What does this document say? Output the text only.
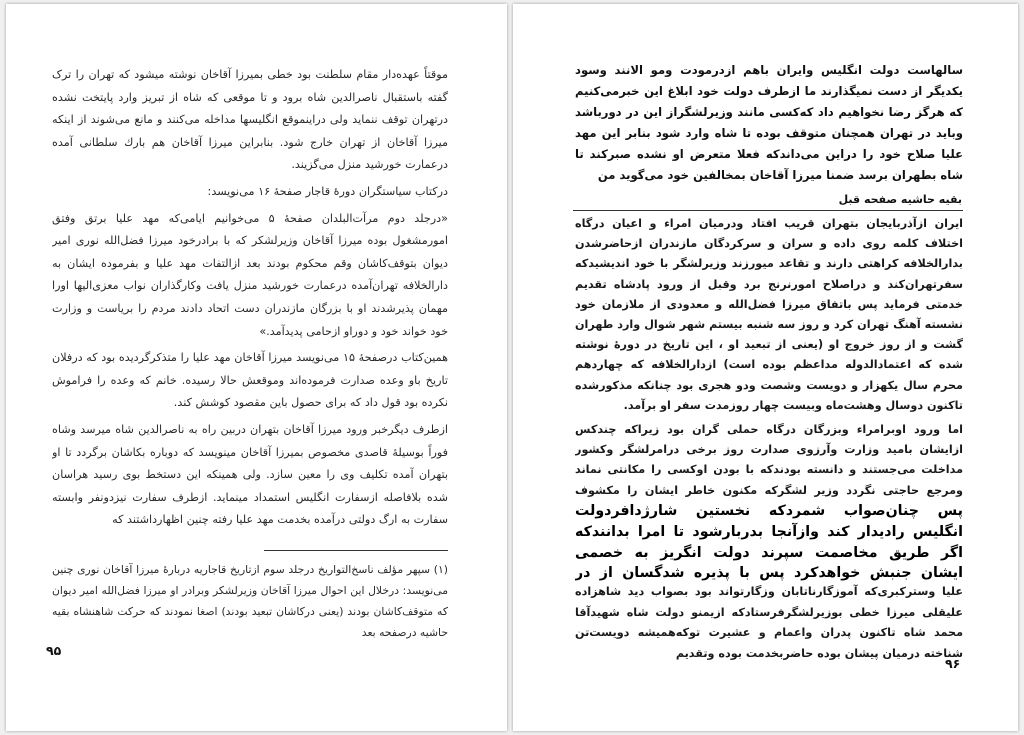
موقتاً عهده‌دار مقام سلطنت بود خطی بمیرزا آقاخان نوشته میشود که تهران را ترک گفته باستقبال ناصرالدین شاه برود و تا موقعی که شاه از تبریز وارد پایتخت نشده درتهران توقف ننماید ولی دراینموقع انگلیسها مداخله می‌کنند و مانع می‌شوند از اینکه میرزا آقاخان از تهران خارج شود. بنابراین میرزا آقاخان هم بارك سلطانی آمده درعمارت خورشید منزل می‌گزیند.

درکتاب سیاستگران دورهٔ قاجار صفحهٔ ۱۶ می‌نویسد:

«درجلد دوم مرآت‌البلدان صفحهٔ ۵ می‌خوانیم ایامی‌که مهد علیا برتق وفتق امورمشغول بوده میرزا آقاخان وزیرلشکر که با برادرخود میرزا فضل‌الله نوری امیر دیوان بتوقف‌کاشان وقم محکوم بودند بعد ازالتفات مهد علیا و بفرموده ایشان به دارالخلافه تهران‌آمده درعمارت خورشید منزل یافت وکارگذاران نواب معزی‌الیها اورا مهمان پذیرشدند او با بزرگان مازندران دست اتحاد دادند مردم را بریاست و وزارت خود خواند خود و دوراو ازحامی پدیدآمد.»

همین‌کتاب درصفحهٔ ۱۵ می‌نویسد میرزا آقاخان مهد علیا را متذکرگردیده بود که درفلان تاریخ باو وعده صدارت فرموده‌اند وموقعش حالا رسیده. خانم که وعده را فراموش نکرده بود قول داد که برای حصول باین مقصود کوشش کند.

ازطرف دیگرخبر ورود میرزا آقاخان بتهران دربین راه به ناصرالدین شاه میرسد وشاه فوراً بوسیلهٔ قاصدی مخصوص بمیرزا آقاخان مینویسد که دوباره بکاشان برگردد تا او بتهران آمده تکلیف وی را معین سازد. ولی همینکه این دستخط بوی رسید هراسان شده بلافاصله ازسفارت انگلیس استمداد مینماید. ازطرف سفارت نیزدونفر وابسته سفارت به ارگ دولتی درآمده بخدمت مهد علیا رفته چنین اظهارداشتند که

(۱) سپهر مؤلف ناسخ‌التواریخ درجلد سوم ازتاریخ قاجاریه دربارهٔ میرزا آقاخان نوری چنین می‌نویسد: درخلال این احوال میرزا آقاخان وزیرلشکر وبرادر او میرزا فضل‌الله امیر دیوان که متوقف‌کاشان بودند (یعنی درکاشان تبعید بودند) اصغا نمودند که حرکت شاهنشاه بقیه حاشیه درصفحه بعد

۹۵

سالهاست دولت انگلیس وایران باهم ازدرمودت ومو الانند وسود یکدیگر از دست نمیگذارند ما ازطرف دولت خود ابلاغ این خبرمی‌کنیم که هرگز رضا نخواهیم داد که‌کسی مانند وزیرلشگراز این در دورباشد وباید در تهران همچنان متوقف بوده تا شاه وارد شود بنابر این مهد علیا صلاح خود را دراین می‌داندکه فعلا متعرض او نشده صبرکند تا شاه بطهران برسد ضمنا میرزا آقاخان بمخالفین خود می‌گوید من

بقیه حاشیه صفحه قبل

ایران ازآذربایجان بتهران قریب افتاد ودرمیان امراء و اعیان درگاه اختلاف کلمه روی داده و سران و سرکردگان مازندران ازحاضرشدن بدارالخلافه کراهتی دارند و تقاعد میورزند وزیرلشگر با خود اندیشیدکه سفرتهران‌کند و دراصلاح امورنرنج برد وقبل از ورود پادشاه تقدیم خدمتی فرماید پس باتفاق میرزا فضل‌الله و معدودی از ملازمان خود نشسته آهنگ تهران کرد و روز سه شنبه بیستم شهر شوال وارد طهران گشت و از روز خروج او (یعنی از تبعید او ، این تاریخ در دورهٔ نوشته شده که اعتمادالدوله مداعظم بوده است) ازدارالخلافه که چهاردهم محرم سال یکهزار و دویست وشصت ودو هجری بود چنانکه مذکورشده تاکنون دوسال وهشت‌ماه وبیست چهار روزمدت سفر او برآمد.

اما ورود اوبرامراء وبزرگان درگاه حملی گران بود زیراکه چندکس ازایشان بامید وزارت وآرزوی صدارت روز برخی درامرلشگر وکشور مداخلت می‌جستند و دانسته بودندکه با بودن اوکسی را مکانتی نماند ومرجع حاجتی نگردد وزیر لشگرکه مکنون خاطر ایشان را مکشوف

پس چنان‌صواب شمردکه نخستین شارژدافردولت انگلیس رادیدار کند وازآنجا بدربارشود تا امرا بدانندکه اگر طریق مخاصمت سپرند دولت انگریز به خصمی ایشان جنبش خواهدکرد پس با پذیره شدگسان از در

علیا وسترکبری‌که آموزگارناتابان وزگارتواند بود بصواب دید شاهزاده علیقلی میرزا خطی بوزیرلشگرفرستادکه ازیمنو دولت شاه شهیدآقا محمد شاه تاکنون پدران واعمام و عشیرت توکه‌همیشه دویست‌تن شناخته درمیان پیشان بوده حاضربخدمت بوده وتقدیم

۹۶
